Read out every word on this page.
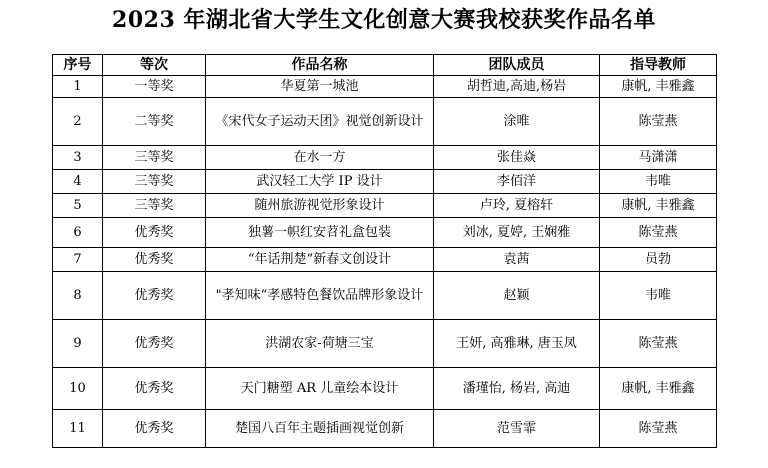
2023 年湖北省大学生文化创意大赛我校获奖作品名单
序号	等次	作品名称	团队成员	指导教师
1	一等奖	华夏第一城池	胡哲迪,高迪,杨岩	康帆, 丰雅鑫
2	二等奖	《宋代女子运动天团》视觉创新设计	涂唯	陈莹燕
3	三等奖	在水一方	张佳焱	马潇潇
4	三等奖	武汉轻工大学 IP 设计	李佰洋	韦唯
5	三等奖	随州旅游视觉形象设计	卢玲, 夏榕轩	康帆, 丰雅鑫
6	优秀奖	独薯一帜红安苕礼盒包装	刘冰, 夏婷, 王娴雅	陈莹燕
7	优秀奖	“年话荆楚”新春文创设计	袁茜	员勃
8	优秀奖	"孝知味“孝感特色餐饮品牌形象设计	赵颖	韦唯
9	优秀奖	洪湖农家-荷塘三宝	王妍, 高雅琳, 唐玉凤	陈莹燕
10	优秀奖	天门糖塑 AR 儿童绘本设计	潘瑾怡, 杨岩, 高迪	康帆, 丰雅鑫
11	优秀奖	楚国八百年主题插画视觉创新	范雪霏	陈莹燕
